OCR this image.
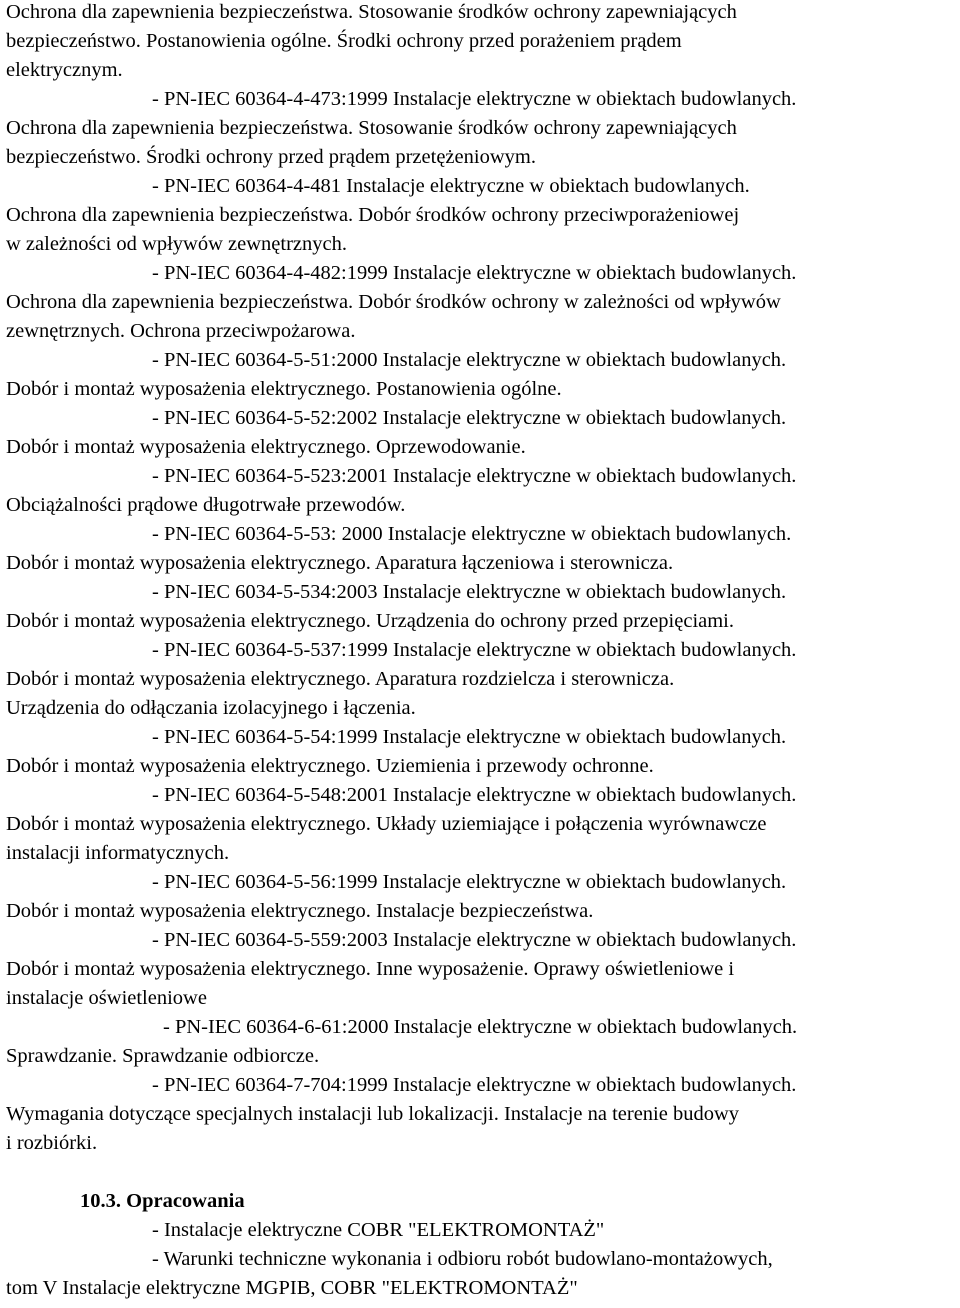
Ochrona dla zapewnienia bezpieczeństwa. Stosowanie środków ochrony zapewniających
bezpieczeństwo. Postanowienia ogólne. Środki ochrony przed porażeniem prądem
elektrycznym.
- PN-IEC 60364-4-473:1999 Instalacje elektryczne w obiektach budowlanych.
Ochrona dla zapewnienia bezpieczeństwa. Stosowanie środków ochrony zapewniających
bezpieczeństwo. Środki ochrony przed prądem przetężeniowym.
- PN-IEC 60364-4-481 Instalacje elektryczne w obiektach budowlanych.
Ochrona dla zapewnienia bezpieczeństwa. Dobór środków ochrony przeciwporażeniowej
w zależności od wpływów zewnętrznych.
- PN-IEC 60364-4-482:1999 Instalacje elektryczne w obiektach budowlanych.
Ochrona dla zapewnienia bezpieczeństwa. Dobór środków ochrony w zależności od wpływów
zewnętrznych. Ochrona przeciwpożarowa.
- PN-IEC 60364-5-51:2000 Instalacje elektryczne w obiektach budowlanych.
Dobór i montaż wyposażenia elektrycznego. Postanowienia ogólne.
- PN-IEC 60364-5-52:2002 Instalacje elektryczne w obiektach budowlanych.
Dobór i montaż wyposażenia elektrycznego. Oprzewodowanie.
- PN-IEC 60364-5-523:2001 Instalacje elektryczne w obiektach budowlanych.
Obciążalności prądowe długotrwałe przewodów.
- PN-IEC 60364-5-53: 2000 Instalacje elektryczne w obiektach budowlanych.
Dobór i montaż wyposażenia elektrycznego. Aparatura łączeniowa i sterownicza.
- PN-IEC 6034-5-534:2003 Instalacje elektryczne w obiektach budowlanych.
Dobór i montaż wyposażenia elektrycznego. Urządzenia do ochrony przed przepięciami.
- PN-IEC 60364-5-537:1999 Instalacje elektryczne w obiektach budowlanych.
Dobór i montaż wyposażenia elektrycznego. Aparatura rozdzielcza i sterownicza.
Urządzenia do odłączania izolacyjnego i łączenia.
- PN-IEC 60364-5-54:1999 Instalacje elektryczne w obiektach budowlanych.
Dobór i montaż wyposażenia elektrycznego. Uziemienia i przewody ochronne.
- PN-IEC 60364-5-548:2001 Instalacje elektryczne w obiektach budowlanych.
Dobór i montaż wyposażenia elektrycznego. Układy uziemiające i połączenia wyrównawcze
instalacji informatycznych.
- PN-IEC 60364-5-56:1999 Instalacje elektryczne w obiektach budowlanych.
Dobór i montaż wyposażenia elektrycznego. Instalacje bezpieczeństwa.
- PN-IEC 60364-5-559:2003 Instalacje elektryczne w obiektach budowlanych.
Dobór i montaż wyposażenia elektrycznego. Inne wyposażenie. Oprawy oświetleniowe i
instalacje oświetleniowe
- PN-IEC 60364-6-61:2000 Instalacje elektryczne w obiektach budowlanych.
Sprawdzanie. Sprawdzanie odbiorcze.
- PN-IEC 60364-7-704:1999 Instalacje elektryczne w obiektach budowlanych.
Wymagania dotyczące specjalnych instalacji lub lokalizacji. Instalacje na terenie budowy
i rozbiórki.
10.3. Opracowania
- Instalacje elektryczne COBR "ELEKTROMONTAŻ"
- Warunki techniczne wykonania i odbioru robót budowlano-montażowych,
tom V Instalacje elektryczne MGPIB, COBR "ELEKTROMONTAŻ"
